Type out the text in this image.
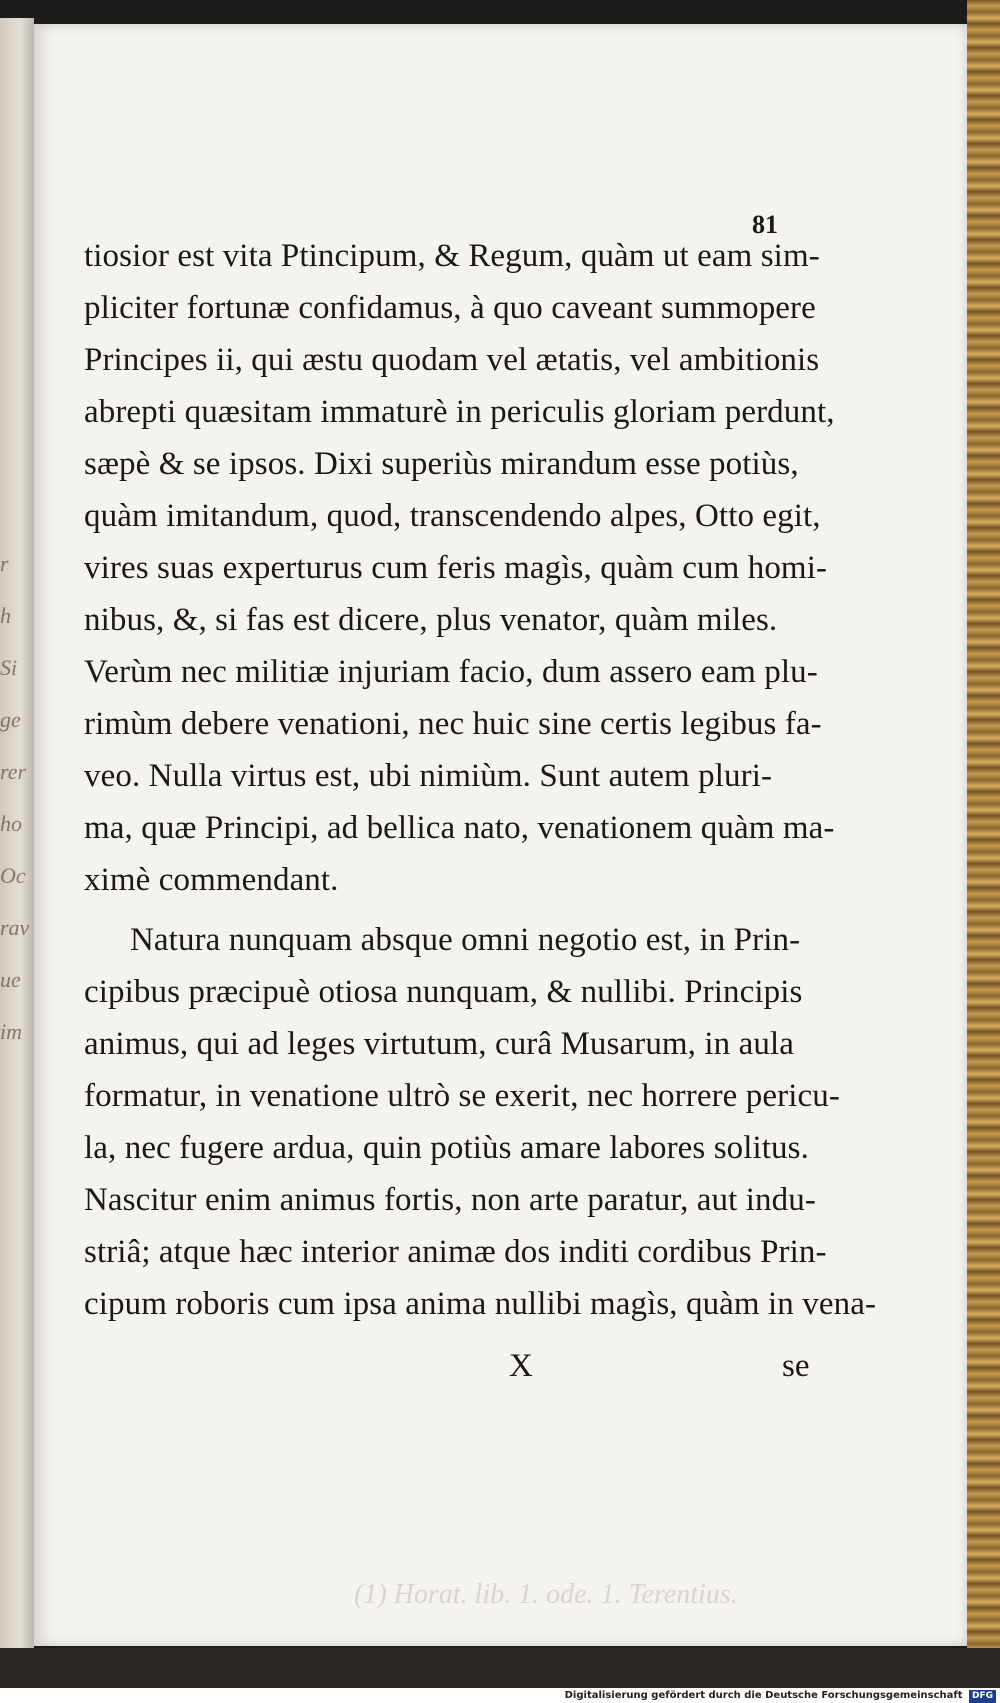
r
h
Si
ge
rer
ho
Oc
rav
ue
im
(1) Horat. lib. 1. ode. 1. Terentius.
81
tiosior est vita Ptincipum, & Regum, quàm ut eam sim-
pliciter fortunæ confidamus, à quo caveant summopere
Principes ii, qui æstu quodam vel ætatis, vel ambitionis
abrepti quæsitam immaturè in periculis gloriam perdunt,
sæpè & se ipsos. Dixi superiùs mirandum esse potiùs,
quàm imitandum, quod, transcendendo alpes, Otto egit,
vires suas experturus cum feris magìs, quàm cum homi-
nibus, &, si fas est dicere, plus venator, quàm miles.
Verùm nec militiæ injuriam facio, dum assero eam plu-
rimùm debere venationi, nec huic sine certis legibus fa-
veo. Nulla virtus est, ubi nimiùm. Sunt autem pluri-
ma, quæ Principi, ad bellica nato, venationem quàm ma-
ximè commendant.
Natura nunquam absque omni negotio est, in Prin-
cipibus præcipuè otiosa nunquam, & nullibi. Principis
animus, qui ad leges virtutum, curâ Musarum, in aula
formatur, in venatione ultrò se exerit, nec horrere pericu-
la, nec fugere ardua, quin potiùs amare labores solitus.
Nascitur enim animus fortis, non arte paratur, aut indu-
striâ; atque hæc interior animæ dos inditi cordibus Prin-
cipum roboris cum ipsa anima nullibi magìs, quàm in vena-
X	se
Digitalisierung gefördert durch die Deutsche Forschungsgemeinschaft DFG
